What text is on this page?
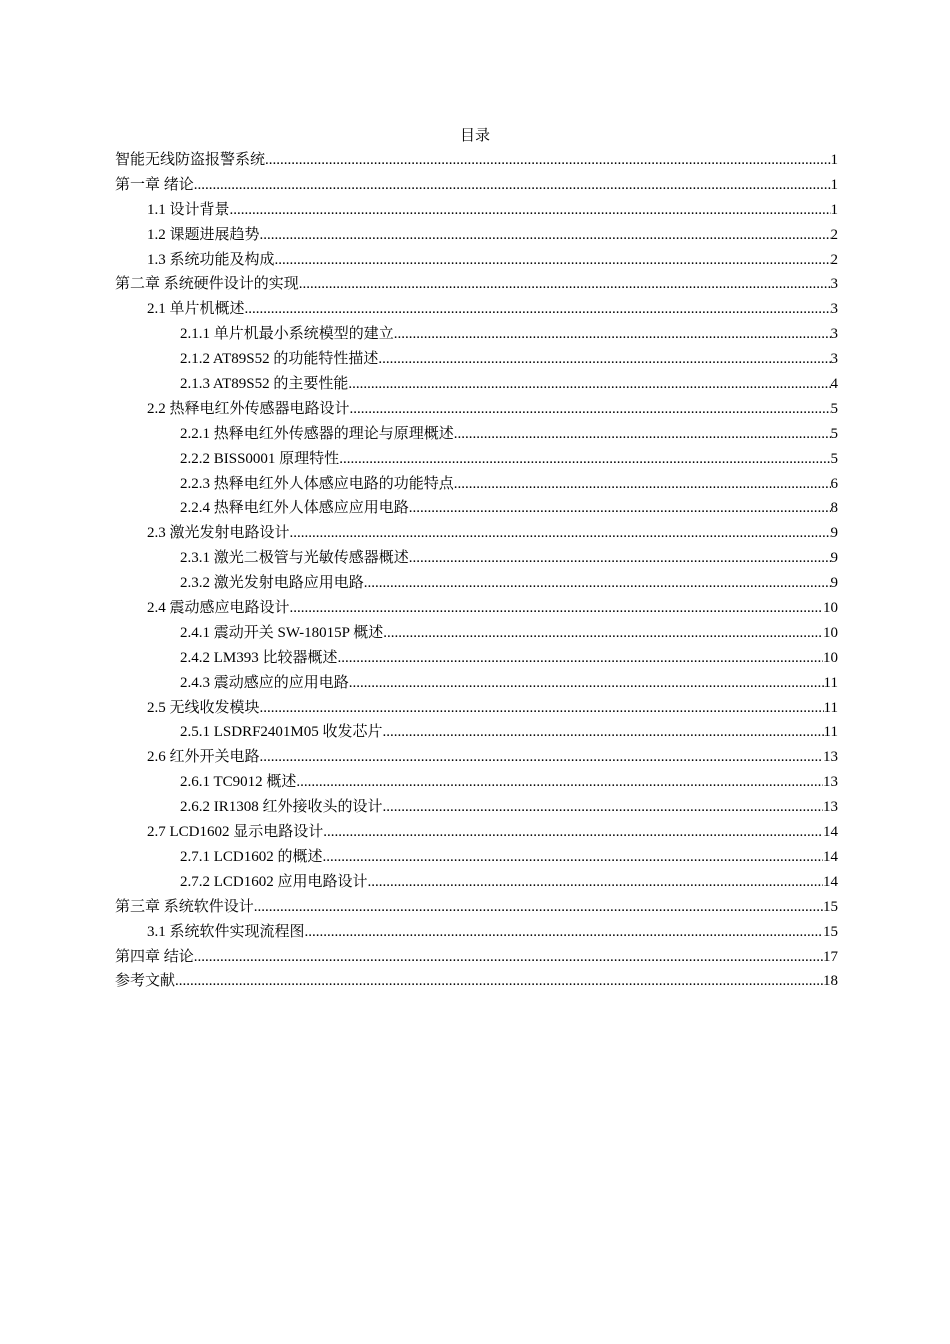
目录
智能无线防盗报警系统 .....	1
第一章 绪论 .....	1
1.1 设计背景 .....	1
1.2 课题进展趋势 .....	2
1.3 系统功能及构成 .....	2
第二章 系统硬件设计的实现 .....	3
2.1 单片机概述 .....	3
2.1.1 单片机最小系统模型的建立 .....	3
2.1.2 AT89S52 的功能特性描述 .....	3
2.1.3 AT89S52 的主要性能 .....	4
2.2 热释电红外传感器电路设计 .....	5
2.2.1 热释电红外传感器的理论与原理概述 .....	5
2.2.2 BISS0001 原理特性 .....	5
2.2.3 热释电红外人体感应电路的功能特点 .....	6
2.2.4 热释电红外人体感应应用电路 .....	8
2.3 激光发射电路设计 .....	9
2.3.1 激光二极管与光敏传感器概述 .....	9
2.3.2 激光发射电路应用电路 .....	9
2.4 震动感应电路设计 .....	10
2.4.1 震动开关 SW-18015P 概述 .....	10
2.4.2 LM393 比较器概述 .....	10
2.4.3 震动感应的应用电路 .....	11
2.5 无线收发模块 .....	11
2.5.1 LSDRF2401M05 收发芯片 .....	11
2.6 红外开关电路 .....	13
2.6.1 TC9012 概述 .....	13
2.6.2 IR1308 红外接收头的设计 .....	13
2.7 LCD1602 显示电路设计 .....	14
2.7.1 LCD1602 的概述 .....	14
2.7.2 LCD1602 应用电路设计 .....	14
第三章 系统软件设计 .....	15
3.1 系统软件实现流程图 .....	15
第四章 结论 .....	17
参考文献 .....	18
